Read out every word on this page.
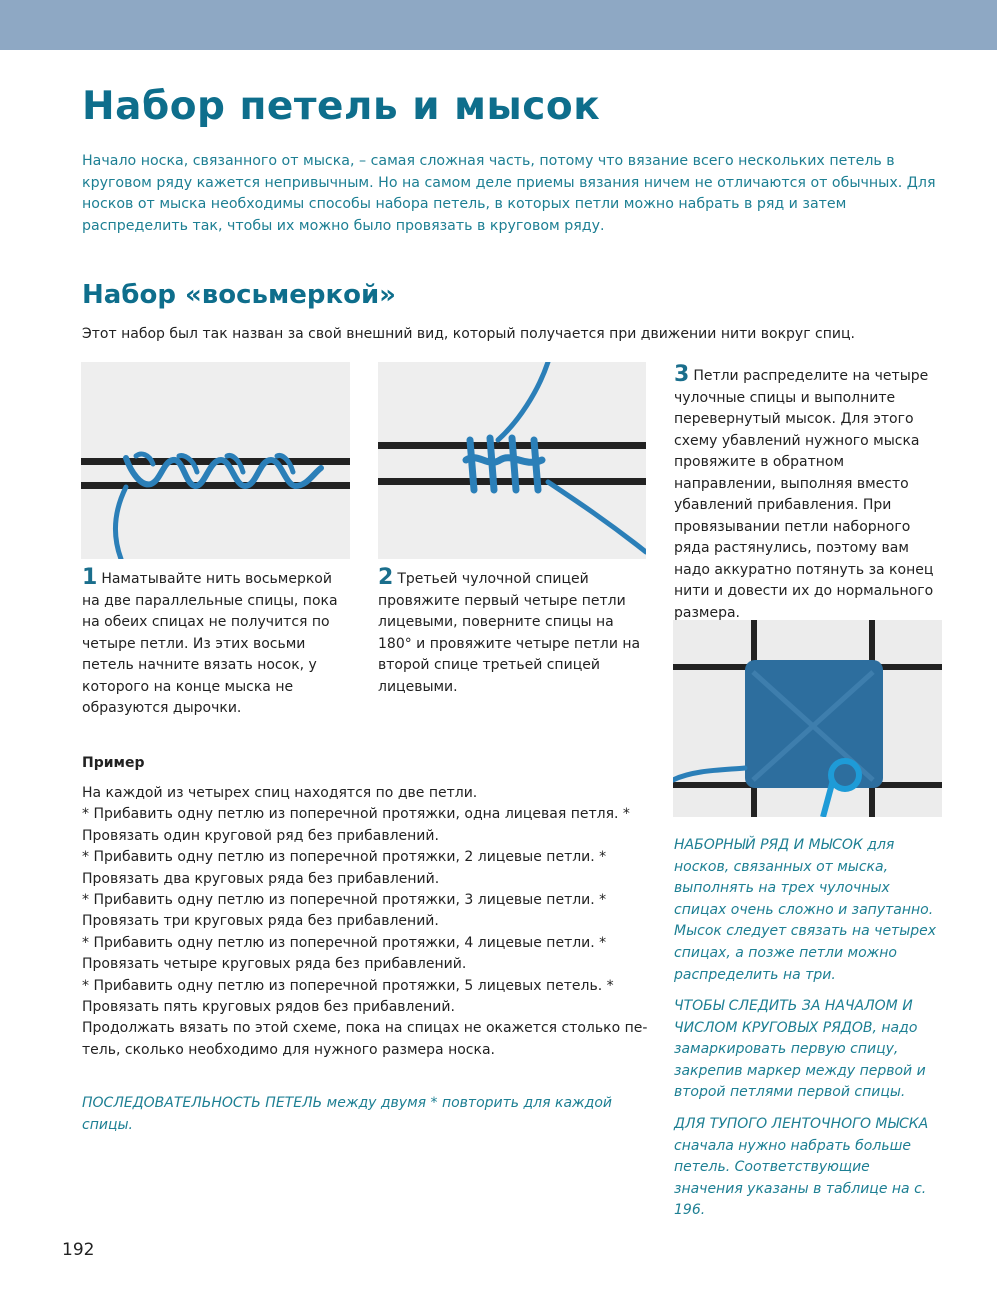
Набор петель и мысок

Начало носка, связанного от мыска, – самая сложная часть, потому что вязание всего нескольких петель в круговом ряду кажется непривычным. Но на самом деле приемы вязания ничем не отличаются от обычных. Для носков от мыска необходимы способы набора петель, в которых петли можно набрать в ряд и затем распределить так, чтобы их можно было провязать в круговом ряду.

Набор «восьмеркой»

Этот набор был так назван за свой внешний вид, который получается при движении нити вокруг спиц.

1 Наматывайте нить восьмеркой на две параллельные спицы, пока на обеих спицах не получится по четыре петли. Из этих восьми петель начните вязать носок, у которого на конце мыска не образуются дырочки.

2 Третьей чулочной спицей провяжите первый четыре петли лицевыми, поверните спицы на 180° и провяжите четыре петли на второй спице третьей спицей лицевыми.

3 Петли распределите на четыре чулочные спицы и выполните перевернутый мысок. Для этого схему убавлений нужного мыска провяжите в обратном направлении, выполняя вместо убавлений прибавления. При провязывании петли наборного ряда растянулись, поэтому вам надо аккуратно потянуть за конец нити и довести их до нормального размера.

Пример

На каждой из четырех спиц находятся по две петли.
* Прибавить одну петлю из поперечной протяжки, одна лицевая петля. *
Провязать один круговой ряд без прибавлений.
* Прибавить одну петлю из поперечной протяжки, 2 лицевые петли. *
Провязать два круговых ряда без прибавлений.
* Прибавить одну петлю из поперечной протяжки, 3 лицевые петли. *
Провязать три круговых ряда без прибавлений.
* Прибавить одну петлю из поперечной протяжки, 4 лицевые петли. *
Провязать четыре круговых ряда без прибавлений.
* Прибавить одну петлю из поперечной протяжки, 5 лицевых петель. *
Провязать пять круговых рядов без прибавлений.
Продолжать вязать по этой схеме, пока на спицах не окажется столько пе-
тель, сколько необходимо для нужного размера носка.

ПОСЛЕДОВАТЕЛЬНОСТЬ ПЕТЕЛЬ между двумя * повторить для каждой спицы.

НАБОРНЫЙ РЯД И МЫСОК для носков, связанных от мыска, выполнять на трех чулочных спицах очень сложно и запутанно. Мысок следует связать на четырех спицах, а позже петли можно распределить на три.

ЧТОБЫ СЛЕДИТЬ ЗА НАЧАЛОМ И ЧИСЛОМ КРУГОВЫХ РЯДОВ, надо замаркировать первую спицу, закрепив маркер между первой и второй петлями первой спицы.

ДЛЯ ТУПОГО ЛЕНТОЧНОГО МЫСКА сначала нужно набрать больше петель. Соответствующие значения указаны в таблице на с. 196.

192
